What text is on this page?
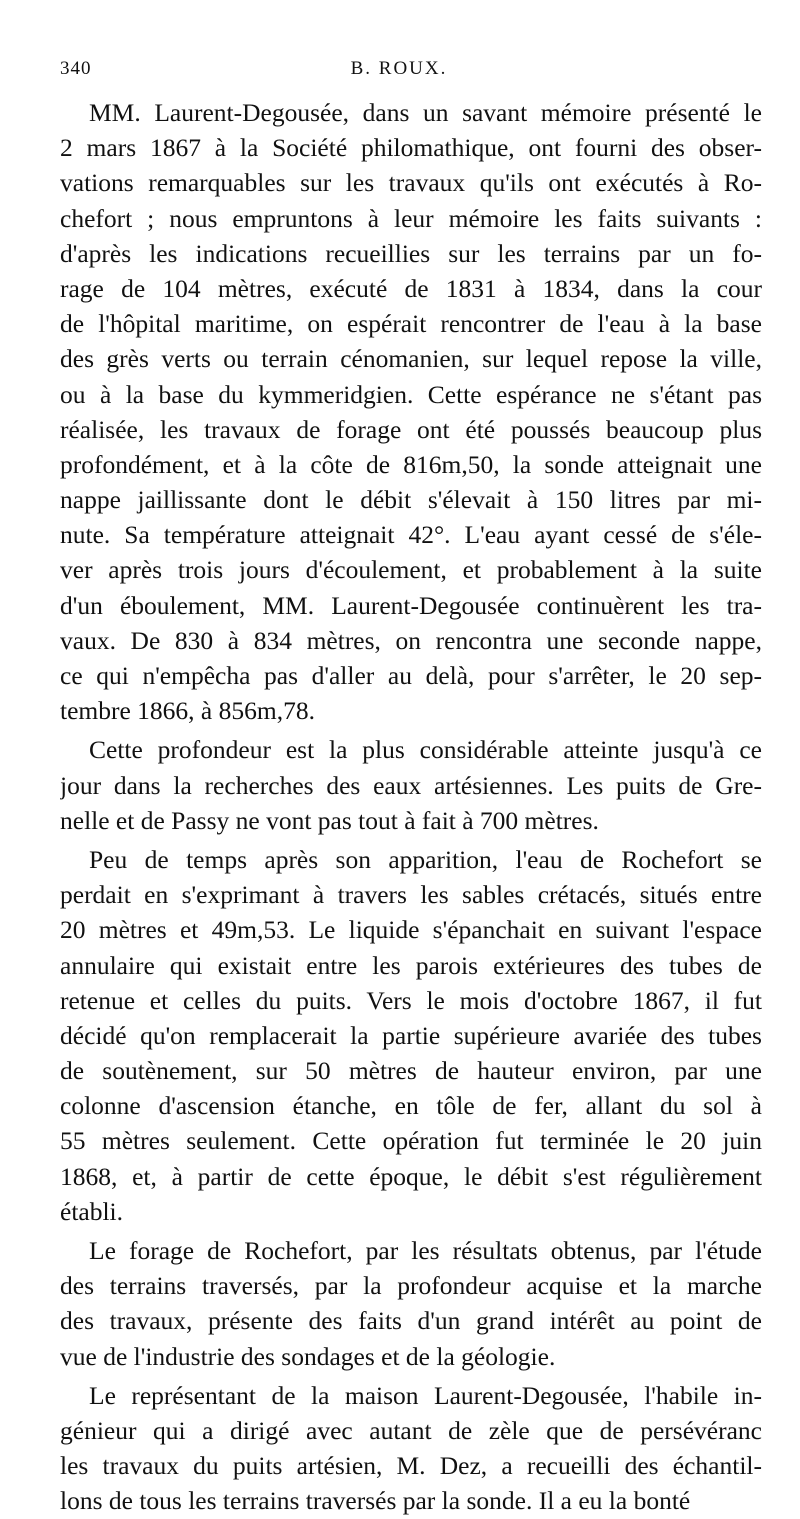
340	B. ROUX.
MM. Laurent-Degousée, dans un savant mémoire présenté le
2 mars 1867 à la Société philomathique, ont fourni des obser-
vations remarquables sur les travaux qu'ils ont exécutés à Ro-
chefort ; nous empruntons à leur mémoire les faits suivants :
d'après les indications recueillies sur les terrains par un fo-
rage de 104 mètres, exécuté de 1831 à 1834, dans la cour
de l'hôpital maritime, on espérait rencontrer de l'eau à la base
des grès verts ou terrain cénomanien, sur lequel repose la ville,
ou à la base du kymmeridgien. Cette espérance ne s'étant pas
réalisée, les travaux de forage ont été poussés beaucoup plus
profondément, et à la côte de 816m,50, la sonde atteignait une
nappe jaillissante dont le débit s'élevait à 150 litres par mi-
nute. Sa température atteignait 42°. L'eau ayant cessé de s'éle-
ver après trois jours d'écoulement, et probablement à la suite
d'un éboulement, MM. Laurent-Degousée continuèrent les tra-
vaux. De 830 à 834 mètres, on rencontra une seconde nappe,
ce qui n'empêcha pas d'aller au delà, pour s'arrêter, le 20 sep-
tembre 1866, à 856m,78.
Cette profondeur est la plus considérable atteinte jusqu'à ce
jour dans la recherches des eaux artésiennes. Les puits de Gre-
nelle et de Passy ne vont pas tout à fait à 700 mètres.
Peu de temps après son apparition, l'eau de Rochefort se
perdait en s'exprimant à travers les sables crétacés, situés entre
20 mètres et 49m,53. Le liquide s'épanchait en suivant l'espace
annulaire qui existait entre les parois extérieures des tubes de
retenue et celles du puits. Vers le mois d'octobre 1867, il fut
décidé qu'on remplacerait la partie supérieure avariée des tubes
de soutènement, sur 50 mètres de hauteur environ, par une
colonne d'ascension étanche, en tôle de fer, allant du sol à
55 mètres seulement. Cette opération fut terminée le 20 juin
1868, et, à partir de cette époque, le débit s'est régulièrement
établi.
Le forage de Rochefort, par les résultats obtenus, par l'étude
des terrains traversés, par la profondeur acquise et la marche
des travaux, présente des faits d'un grand intérêt au point de
vue de l'industrie des sondages et de la géologie.
Le représentant de la maison Laurent-Degousée, l'habile in-
génieur qui a dirigé avec autant de zèle que de persévéranc
les travaux du puits artésien, M. Dez, a recueilli des échantil-
lons de tous les terrains traversés par la sonde. Il a eu la bonté
